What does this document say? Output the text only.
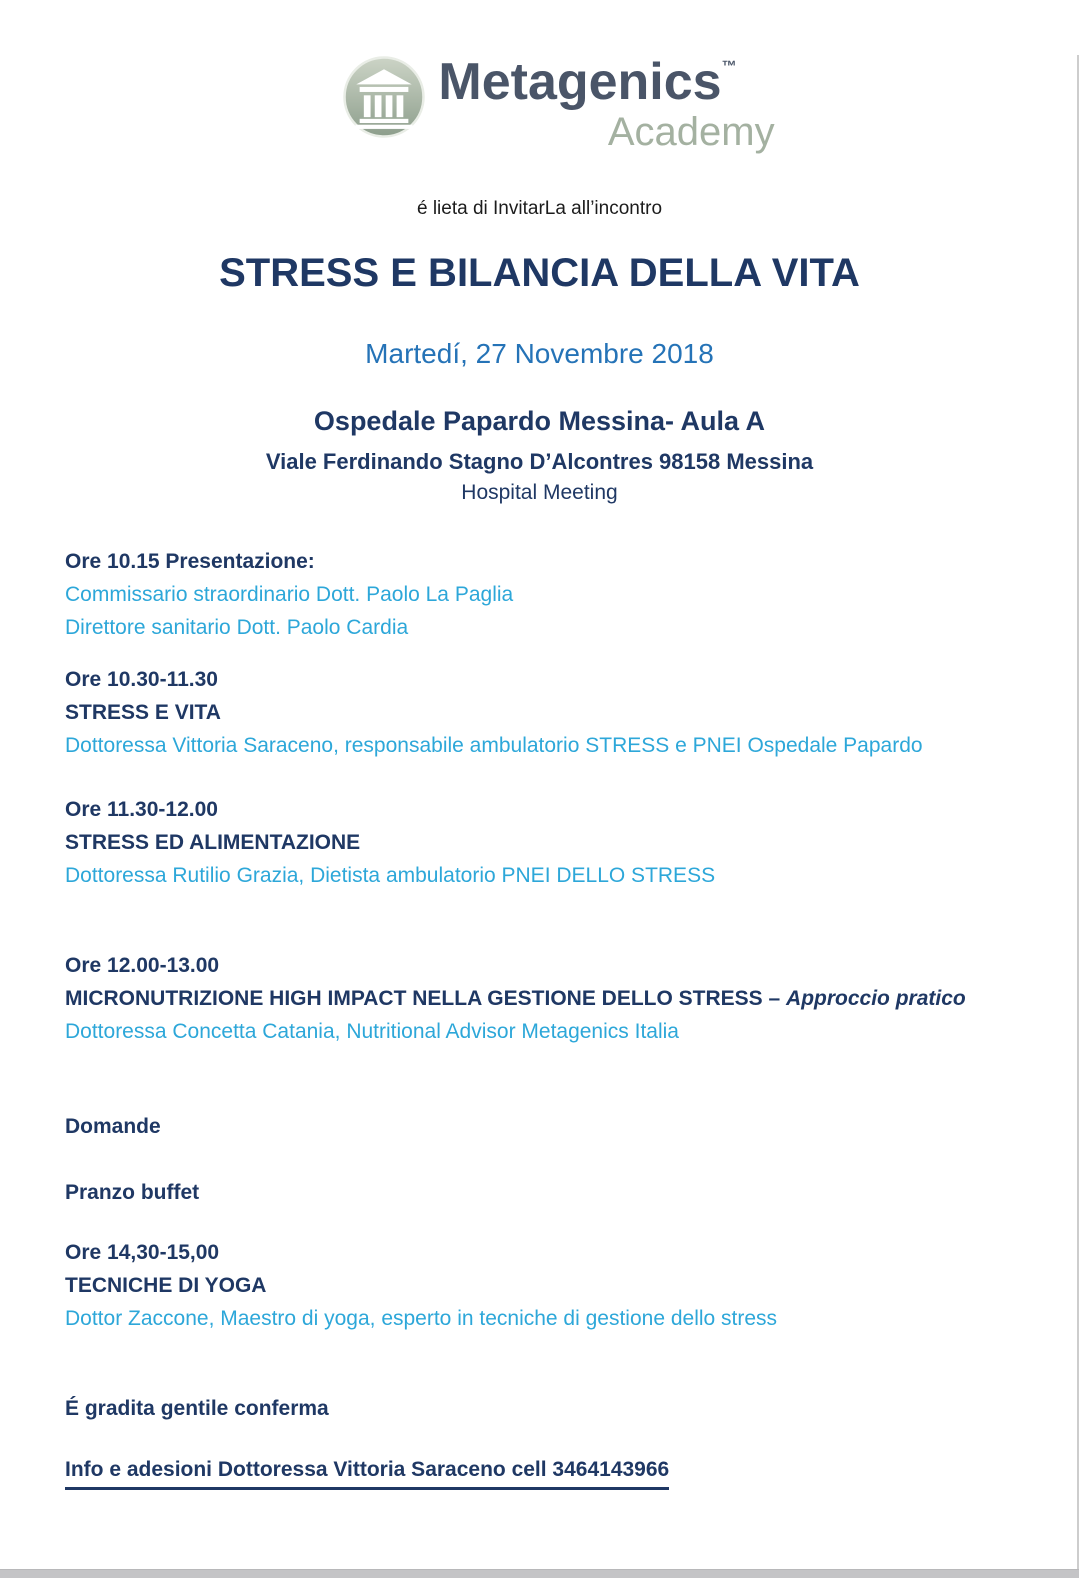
Metagenics™
Academy
é lieta di InvitarLa all’incontro
STRESS E BILANCIA DELLA VITA
Martedí, 27 Novembre 2018
Ospedale Papardo Messina- Aula A
Viale Ferdinando Stagno D’Alcontres 98158 Messina
Hospital Meeting
Ore 10.15 Presentazione:
Commissario straordinario Dott. Paolo La Paglia
Direttore sanitario Dott. Paolo Cardia
Ore 10.30-11.30
STRESS E VITA
Dottoressa Vittoria Saraceno, responsabile ambulatorio STRESS e PNEI Ospedale Papardo
Ore 11.30-12.00
STRESS ED ALIMENTAZIONE
Dottoressa Rutilio Grazia, Dietista ambulatorio PNEI DELLO STRESS
Ore 12.00-13.00
MICRONUTRIZIONE HIGH IMPACT NELLA GESTIONE DELLO STRESS – Approccio pratico
Dottoressa Concetta Catania, Nutritional Advisor Metagenics Italia
Domande
Pranzo buffet
Ore 14,30-15,00
TECNICHE DI YOGA
Dottor Zaccone, Maestro di yoga, esperto in tecniche di gestione dello stress
É gradita gentile conferma
Info e adesioni Dottoressa Vittoria Saraceno cell 3464143966
